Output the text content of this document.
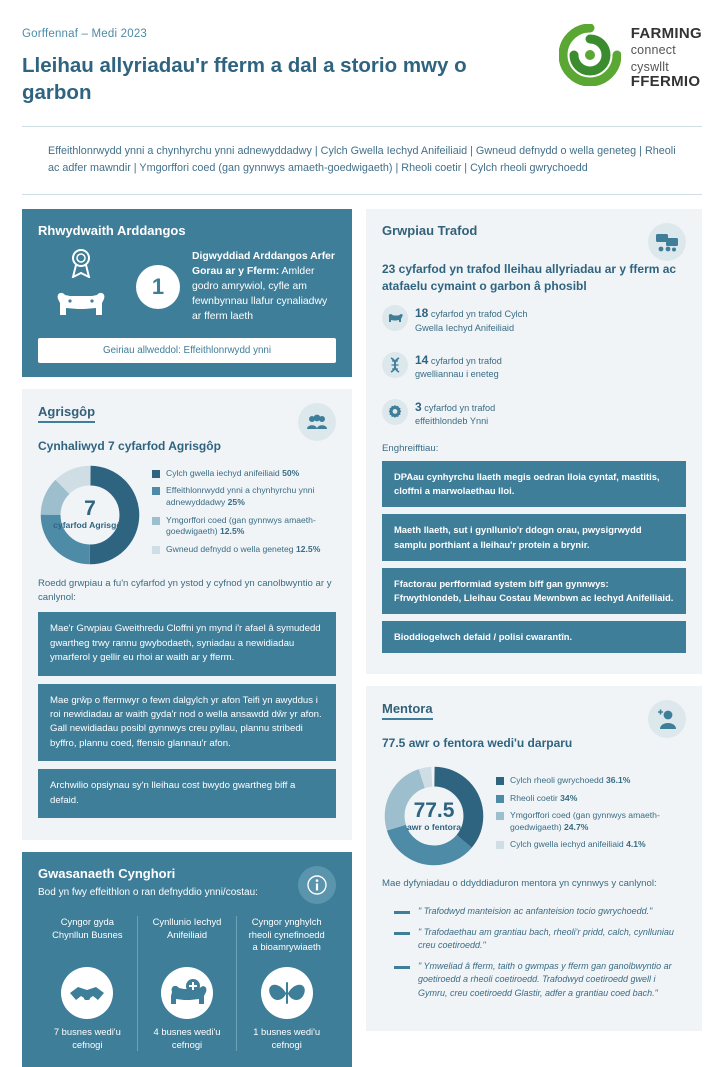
Gorffennaf – Medi 2023
Lleihau allyriadau'r fferm a dal a storio mwy o garbon
FARMING
connect
cyswllt
FFERMIO

Effeithlonrwydd ynni a chynhyrchu ynni adnewyddadwy | Cylch Gwella Iechyd Anifeiliaid | Gwneud defnydd o wella geneteg | Rheoli ac adfer mawndir | Ymgorffori coed (gan gynnwys amaeth-goedwigaeth) | Rheoli coetir | Cylch rheoli gwrychoedd

Rhwydwaith Arddangos
1
Digwyddiad Arddangos Arfer Gorau ar y Fferm: Amlder godro amrywiol, cyfle am fewnbynnau llafur cynaliadwy ar fferm laeth
Geiriau allweddol: Effeithlonrwydd ynni
Agrisgôp
Cynhaliwyd 7 cyfarfod Agrisgôp
7
cyfarfod Agrisgôp
Cylch gwella iechyd anifeiliaid 50%
Effeithlonrwydd ynni a chynhyrchu ynni adnewyddadwy 25%
Ymgorffori coed (gan gynnwys amaeth-goedwigaeth) 12.5%
Gwneud defnydd o wella geneteg 12.5%
Roedd grwpiau a fu'n cyfarfod yn ystod y cyfnod yn canolbwyntio ar y canlynol:
Mae'r Grwpiau Gweithredu Cloffni yn mynd i'r afael â symudedd gwartheg trwy rannu gwybodaeth, syniadau a newidiadau ymarferol y gellir eu rhoi ar waith ar y fferm.
Mae grŵp o ffermwyr o fewn dalgylch yr afon Teifi yn awyddus i roi newidiadau ar waith gyda'r nod o wella ansawdd dŵr yr afon. Gall newidiadau posibl gynnwys creu pyllau, plannu stribedi byffro, plannu coed, ffensio glannau'r afon.
Archwilio opsiynau sy'n lleihau cost bwydo gwartheg biff a defaid.
Gwasanaeth Cynghori
Bod yn fwy effeithlon o ran defnyddio ynni/costau:
Cyngor gyda Chynllun Busnes
7 busnes wedi'u cefnogi
Cynllunio Iechyd Anifeiliaid
4 busnes wedi'u cefnogi
Cyngor ynghylch rheoli cynefinoedd a bioamrywiaeth
1 busnes wedi'u cefnogi
Grwpiau Trafod
23 cyfarfod yn trafod lleihau allyriadau ar y fferm ac atafaelu cymaint o garbon â phosibl
18 cyfarfod yn trafod Cylch Gwella Iechyd Anifeiliaid
14 cyfarfod yn trafod gwelliannau i eneteg
3 cyfarfod yn trafod effeithlondeb Ynni
Enghreifftiau:
DPAau cynhyrchu llaeth megis oedran lloia cyntaf, mastitis, cloffni a marwolaethau lloi.
Maeth llaeth, sut i gynllunio'r ddogn orau, pwysigrwydd samplu porthiant a lleihau'r protein a brynir.
Ffactorau perfformiad system biff gan gynnwys: Ffrwythlondeb, Lleihau Costau Mewnbwn ac Iechyd Anifeiliaid.
Bioddiogelwch defaid / polisi cwarantîn.
Mentora
77.5 awr o fentora wedi'u darparu
77.5
awr o fentora
Cylch rheoli gwrychoedd 36.1%
Rheoli coetir 34%
Ymgorffori coed (gan gynnwys amaeth-goedwigaeth) 24.7%
Cylch gwella iechyd anifeiliaid 4.1%
Mae dyfyniadau o ddyddiaduron mentora yn cynnwys y canlynol:
" Trafodwyd manteision ac anfanteision tocio gwrychoedd."
" Trafodaethau am grantiau bach, rheoli'r pridd, calch, cynlluniau creu coetiroedd."
" Ymweliad â fferm, taith o gwmpas y fferm gan ganolbwyntio ar goetiroedd a rheoli coetiroedd. Trafodwyd coetiroedd gwell i Gymru, creu coetiroedd Glastir, adfer a grantiau coed bach."
